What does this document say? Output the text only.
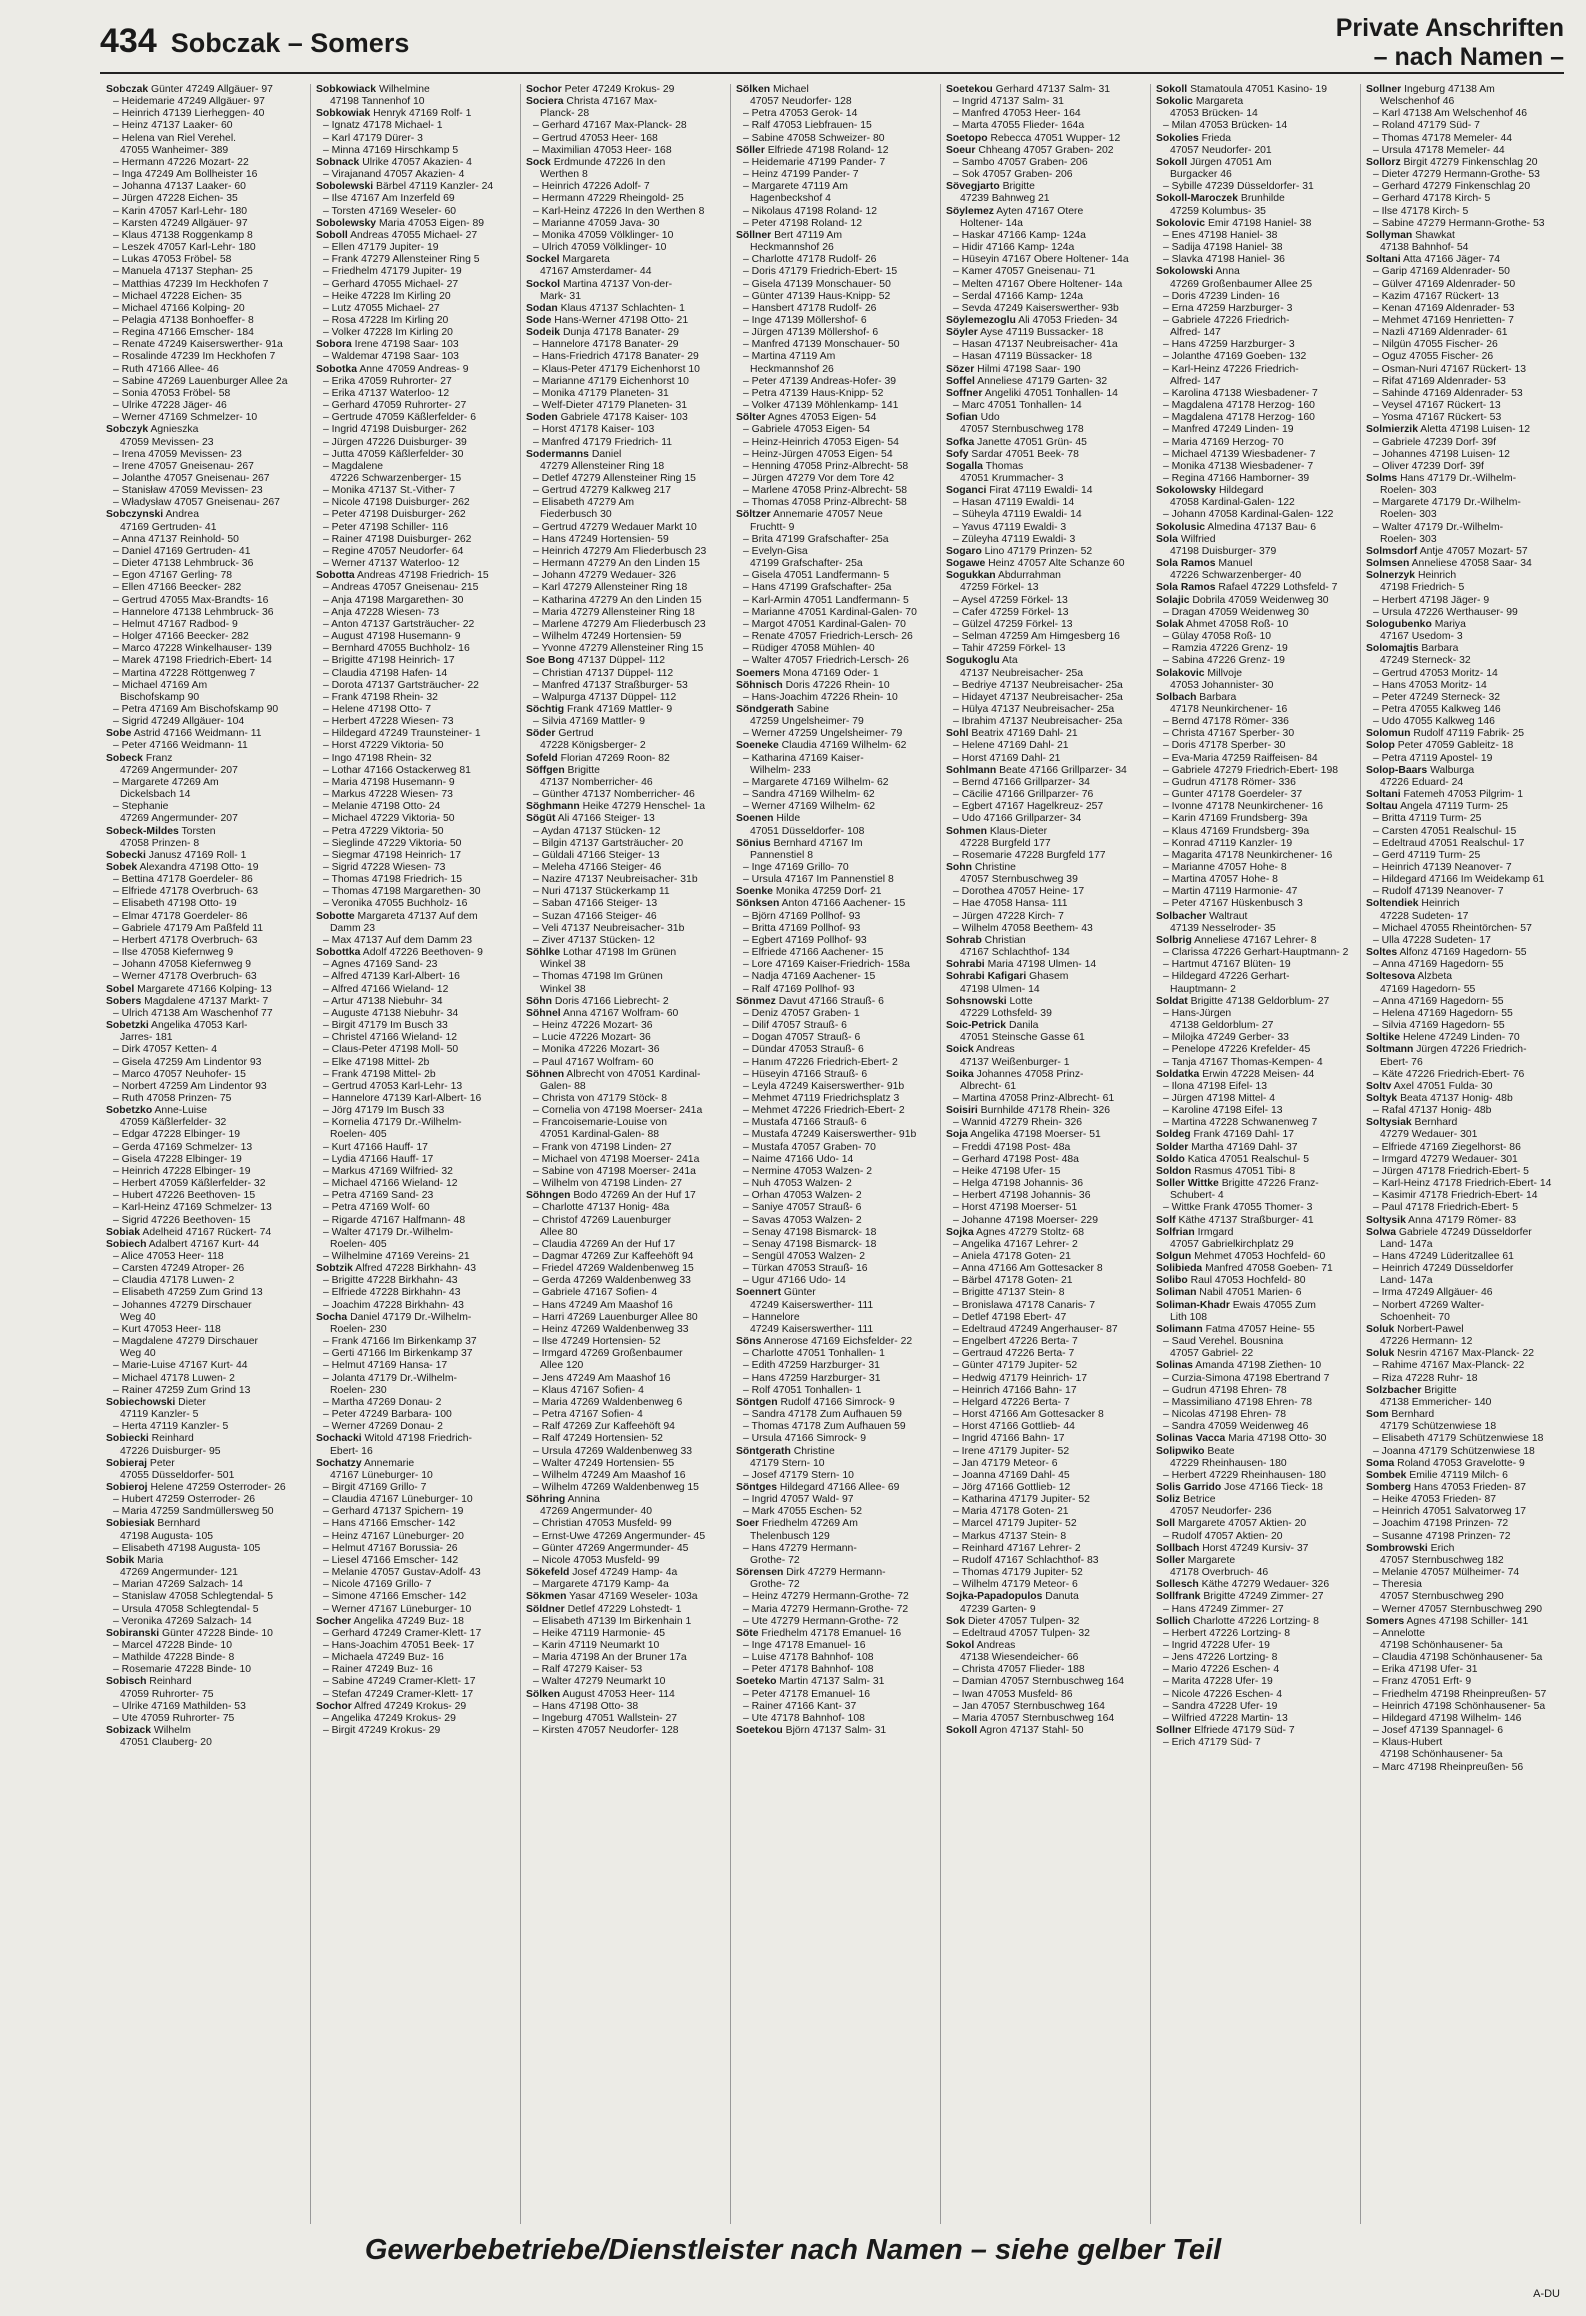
434 Sobczak – Somers	Private Anschriften
– nach Namen –
Sobczak Günter 47249 Allgäuer- 97
– Heidemarie 47249 Allgäuer- 97
– Heinrich 47139 Lierheggen- 40
– Heinz 47137 Laaker- 60
– Helena van Riel Verehel.
47055 Wanheimer- 389
– Hermann 47226 Mozart- 22
– Inga 47249 Am Bollheister 16
– Johanna 47137 Laaker- 60
– Jürgen 47228 Eichen- 35
– Karin 47057 Karl-Lehr- 180
– Karsten 47249 Allgäuer- 97
– Klaus 47138 Roggenkamp 8
– Leszek 47057 Karl-Lehr- 180
– Lukas 47053 Fröbel- 58
– Manuela 47137 Stephan- 25
– Matthias 47239 Im Heckhofen 7
– Michael 47228 Eichen- 35
– Michael 47166 Kolping- 20
– Pelagia 47138 Bonhoeffer- 8
– Regina 47166 Emscher- 184
– Renate 47249 Kaiserswerther- 91a
– Rosalinde 47239 Im Heckhofen 7
– Ruth 47166 Allee- 46
– Sabine 47269 Lauenburger Allee 2a
– Sonia 47053 Fröbel- 58
– Ulrike 47228 Jäger- 46
– Werner 47169 Schmelzer- 10
Sobczyk Agnieszka
47059 Mevissen- 23
– Irena 47059 Mevissen- 23
– Irene 47057 Gneisenau- 267
– Jolanthe 47057 Gneisenau- 267
– Stanisław 47059 Mevissen- 23
– Władysław 47057 Gneisenau- 267
Sobczynski Andrea
47169 Gertruden- 41
– Anna 47137 Reinhold- 50
– Daniel 47169 Gertruden- 41
– Dieter 47138 Lehmbruck- 36
– Egon 47167 Gerling- 78
– Ellen 47166 Beecker- 282
– Gertrud 47055 Max-Brandts- 16
– Hannelore 47138 Lehmbruck- 36
– Helmut 47167 Radbod- 9
– Holger 47166 Beecker- 282
– Marco 47228 Winkelhauser- 139
– Marek 47198 Friedrich-Ebert- 14
– Martina 47228 Röttgenweg 7
– Michael 47169 Am
Bischofskamp 90
– Petra 47169 Am Bischofskamp 90
– Sigrid 47249 Allgäuer- 104
Sobe Astrid 47166 Weidmann- 11
– Peter 47166 Weidmann- 11
Sobeck Franz
47269 Angermunder- 207
– Margarete 47269 Am
Dickelsbach 14
– Stephanie
47269 Angermunder- 207
Sobeck-Mildes Torsten
47058 Prinzen- 8
Sobecki Janusz 47169 Roll- 1
Sobek Alexandra 47198 Otto- 19
– Bettina 47178 Goerdeler- 86
– Elfriede 47178 Overbruch- 63
– Elisabeth 47198 Otto- 19
– Elmar 47178 Goerdeler- 86
– Gabriele 47179 Am Paßfeld 11
– Herbert 47178 Overbruch- 63
– Ilse 47058 Kiefernweg 9
– Johann 47058 Kiefernweg 9
– Werner 47178 Overbruch- 63
Sobel Margarete 47166 Kolping- 13
Sobers Magdalene 47137 Markt- 7
– Ulrich 47138 Am Waschenhof 77
Sobetzki Angelika 47053 Karl-
Jarres- 181
– Dirk 47057 Ketten- 4
– Gisela 47259 Am Lindentor 93
– Marco 47057 Neuhofer- 15
– Norbert 47259 Am Lindentor 93
– Ruth 47058 Prinzen- 75
Sobetzko Anne-Luise
47059 Käßlerfelder- 32
– Edgar 47228 Elbinger- 19
– Gerda 47169 Schmelzer- 13
– Gisela 47228 Elbinger- 19
– Heinrich 47228 Elbinger- 19
– Herbert 47059 Käßlerfelder- 32
– Hubert 47226 Beethoven- 15
– Karl-Heinz 47169 Schmelzer- 13
– Sigrid 47226 Beethoven- 15
Sobiak Adelheid 47167 Rückert- 74
Sobiech Adalbert 47167 Kurt- 44
– Alice 47053 Heer- 118
– Carsten 47249 Atroper- 26
– Claudia 47178 Luwen- 2
– Elisabeth 47259 Zum Grind 13
– Johannes 47279 Dirschauer
Weg 40
– Kurt 47053 Heer- 118
– Magdalene 47279 Dirschauer
Weg 40
– Marie-Luise 47167 Kurt- 44
– Michael 47178 Luwen- 2
– Rainer 47259 Zum Grind 13
Sobiechowski Dieter
47119 Kanzler- 5
– Herta 47119 Kanzler- 5
Sobiecki Reinhard
47226 Duisburger- 95
Sobieraj Peter
47055 Düsseldorfer- 501
Sobieroj Helene 47259 Osterroder- 26
– Hubert 47259 Osterroder- 26
– Maria 47259 Sandmüllersweg 50
Sobiesiak Bernhard
47198 Augusta- 105
– Elisabeth 47198 Augusta- 105
Sobik Maria
47269 Angermunder- 121
– Marian 47269 Salzach- 14
– Stanislaw 47058 Schlegtendal- 5
– Ursula 47058 Schlegtendal- 5
– Veronika 47269 Salzach- 14
Sobiranski Günter 47228 Binde- 10
– Marcel 47228 Binde- 10
– Mathilde 47228 Binde- 8
– Rosemarie 47228 Binde- 10
Sobisch Reinhard
47059 Ruhrorter- 75
– Ulrike 47169 Mathilden- 53
– Ute 47059 Ruhrorter- 75
Sobizack Wilhelm
47051 Clauberg- 20
Sobkowiack Wilhelmine
47198 Tannenhof 10
Sobkowiak Henryk 47169 Rolf- 1
– Ignatz 47178 Michael- 1
– Karl 47179 Dürer- 3
– Minna 47169 Hirschkamp 5
Sobnack Ulrike 47057 Akazien- 4
– Virajanand 47057 Akazien- 4
Sobolewski Bärbel 47119 Kanzler- 24
– Ilse 47167 Am Inzerfeld 69
– Torsten 47169 Weseler- 60
Sobolewsky Maria 47053 Eigen- 89
Soboll Andreas 47055 Michael- 27
– Ellen 47179 Jupiter- 19
– Frank 47279 Allensteiner Ring 5
– Friedhelm 47179 Jupiter- 19
– Gerhard 47055 Michael- 27
– Heike 47228 Im Kirling 20
– Lutz 47055 Michael- 27
– Rosa 47228 Im Kirling 20
– Volker 47228 Im Kirling 20
Sobora Irene 47198 Saar- 103
– Waldemar 47198 Saar- 103
Sobotka Anne 47059 Andreas- 9
– Erika 47059 Ruhrorter- 27
– Erika 47137 Waterloo- 12
– Gerhard 47059 Ruhrorter- 27
– Gertrude 47059 Käßlerfelder- 6
– Ingrid 47198 Duisburger- 262
– Jürgen 47226 Duisburger- 39
– Jutta 47059 Käßlerfelder- 30
– Magdalene
47226 Schwarzenberger- 15
– Monika 47137 St.-Vither- 7
– Nicole 47198 Duisburger- 262
– Peter 47198 Duisburger- 262
– Peter 47198 Schiller- 116
– Rainer 47198 Duisburger- 262
– Regine 47057 Neudorfer- 64
– Werner 47137 Waterloo- 12
Sobotta Andreas 47198 Friedrich- 15
– Andreas 47057 Gneisenau- 215
– Anja 47198 Margarethen- 30
– Anja 47228 Wiesen- 73
– Anton 47137 Gartsträucher- 22
– August 47198 Husemann- 9
– Bernhard 47055 Buchholz- 16
– Brigitte 47198 Heinrich- 17
– Claudia 47198 Hafen- 14
– Dorota 47137 Gartsträucher- 22
– Frank 47198 Rhein- 32
– Helene 47198 Otto- 7
– Herbert 47228 Wiesen- 73
– Hildegard 47249 Traunsteiner- 1
– Horst 47229 Viktoria- 50
– Ingo 47198 Rhein- 32
– Lothar 47166 Ostackerweg 81
– Maria 47198 Husemann- 9
– Markus 47228 Wiesen- 73
– Melanie 47198 Otto- 24
– Michael 47229 Viktoria- 50
– Petra 47229 Viktoria- 50
– Sieglinde 47229 Viktoria- 50
– Siegmar 47198 Heinrich- 17
– Sigrid 47228 Wiesen- 73
– Thomas 47198 Friedrich- 15
– Thomas 47198 Margarethen- 30
– Veronika 47055 Buchholz- 16
Sobotte Margareta 47137 Auf dem
Damm 23
– Max 47137 Auf dem Damm 23
Sobottka Adolf 47226 Beethoven- 9
– Agnes 47169 Sand- 23
– Alfred 47139 Karl-Albert- 16
– Alfred 47166 Wieland- 12
– Artur 47138 Niebuhr- 34
– Auguste 47138 Niebuhr- 34
– Birgit 47179 Im Busch 33
– Christel 47166 Wieland- 12
– Claus-Peter 47198 Moll- 50
– Elke 47198 Mittel- 2b
– Frank 47198 Mittel- 2b
– Gertrud 47053 Karl-Lehr- 13
– Hannelore 47139 Karl-Albert- 16
– Jörg 47179 Im Busch 33
– Kornelia 47179 Dr.-Wilhelm-
Roelen- 405
– Kurt 47166 Hauff- 17
– Lydia 47166 Hauff- 17
– Markus 47169 Wilfried- 32
– Michael 47166 Wieland- 12
– Petra 47169 Sand- 23
– Petra 47169 Wolf- 60
– Rigarde 47167 Halfmann- 48
– Walter 47179 Dr.-Wilhelm-
Roelen- 405
– Wilhelmine 47169 Vereins- 21
Sobtzik Alfred 47228 Birkhahn- 43
– Brigitte 47228 Birkhahn- 43
– Elfriede 47228 Birkhahn- 43
– Joachim 47228 Birkhahn- 43
Socha Daniel 47179 Dr.-Wilhelm-
Roelen- 230
– Frank 47166 Im Birkenkamp 37
– Gerti 47166 Im Birkenkamp 37
– Helmut 47169 Hansa- 17
– Jolanta 47179 Dr.-Wilhelm-
Roelen- 230
– Martha 47269 Donau- 2
– Peter 47249 Barbara- 100
– Werner 47269 Donau- 2
Sochacki Witold 47198 Friedrich-
Ebert- 16
Sochatzy Annemarie
47167 Lüneburger- 10
– Birgit 47169 Grillo- 7
– Claudia 47167 Lüneburger- 10
– Gerhard 47137 Spichern- 19
– Hans 47166 Emscher- 142
– Heinz 47167 Lüneburger- 20
– Helmut 47167 Borussia- 26
– Liesel 47166 Emscher- 142
– Melanie 47057 Gustav-Adolf- 43
– Nicole 47169 Grillo- 7
– Simone 47166 Emscher- 142
– Werner 47167 Lüneburger- 10
Socher Angelika 47249 Buz- 18
– Gerhard 47249 Cramer-Klett- 17
– Hans-Joachim 47051 Beek- 17
– Michaela 47249 Buz- 16
– Rainer 47249 Buz- 16
– Sabine 47249 Cramer-Klett- 17
– Stefan 47249 Cramer-Klett- 17
Sochor Alfred 47249 Krokus- 29
– Angelika 47249 Krokus- 29
– Birgit 47249 Krokus- 29
Sochor Peter 47249 Krokus- 29
Sociera Christa 47167 Max-
Planck- 28
– Gerhard 47167 Max-Planck- 28
– Gertrud 47053 Heer- 168
– Maximilian 47053 Heer- 168
Sock Erdmunde 47226 In den
Werthen 8
– Heinrich 47226 Adolf- 7
– Hermann 47229 Rheingold- 25
– Karl-Heinz 47226 In den Werthen 8
– Marianne 47059 Java- 30
– Monika 47059 Völklinger- 10
– Ulrich 47059 Völklinger- 10
Sockel Margareta
47167 Amsterdamer- 44
Sockol Martina 47137 Von-der-
Mark- 31
Sodan Klaus 47137 Schlachten- 1
Sode Hans-Werner 47198 Otto- 21
Sodeik Dunja 47178 Banater- 29
– Hannelore 47178 Banater- 29
– Hans-Friedrich 47178 Banater- 29
– Klaus-Peter 47179 Eichenhorst 10
– Marianne 47179 Eichenhorst 10
– Monika 47179 Planeten- 31
– Welf-Dieter 47179 Planeten- 31
Soden Gabriele 47178 Kaiser- 103
– Horst 47178 Kaiser- 103
– Manfred 47179 Friedrich- 11
Sodermanns Daniel
47279 Allensteiner Ring 18
– Detlef 47279 Allensteiner Ring 15
– Gertrud 47279 Kalkweg 217
– Elisabeth 47279 Am
Fiederbusch 30
– Gertrud 47279 Wedauer Markt 10
– Hans 47249 Hortensien- 59
– Heinrich 47279 Am Fliederbusch 23
– Hermann 47279 An den Linden 15
– Johann 47279 Wedauer- 326
– Karl 47279 Allensteiner Ring 18
– Katharina 47279 An den Linden 15
– Maria 47279 Allensteiner Ring 18
– Marlene 47279 Am Fliederbusch 23
– Wilhelm 47249 Hortensien- 59
– Yvonne 47279 Allensteiner Ring 15
Soe Bong 47137 Düppel- 112
– Christian 47137 Düppel- 112
– Manfred 47137 Straßburger- 53
– Walpurga 47137 Düppel- 112
Söchtig Frank 47169 Mattler- 9
– Silvia 47169 Mattler- 9
Söder Gertrud
47228 Königsberger- 2
Sofeld Florian 47269 Roon- 82
Söffgen Brigitte
47137 Nomberricher- 46
– Günther 47137 Nomberricher- 46
Söghmann Heike 47279 Henschel- 1a
Sögüt Ali 47166 Steiger- 13
– Aydan 47137 Stücken- 12
– Bilgin 47137 Gartsträucher- 20
– Güldali 47166 Steiger- 13
– Meleha 47166 Steiger- 46
– Nazire 47137 Neubreisacher- 31b
– Nuri 47137 Stückerkamp 11
– Saban 47166 Steiger- 13
– Suzan 47166 Steiger- 46
– Veli 47137 Neubreisacher- 31b
– Ziver 47137 Stücken- 12
Söhlke Lothar 47198 Im Grünen
Winkel 38
– Thomas 47198 Im Grünen
Winkel 38
Söhn Doris 47166 Liebrecht- 2
Söhnel Anna 47167 Wolfram- 60
– Heinz 47226 Mozart- 36
– Lucie 47226 Mozart- 36
– Monika 47226 Mozart- 36
– Paul 47167 Wolfram- 60
Söhnen Albrecht von 47051 Kardinal-
Galen- 88
– Christa von 47179 Stöck- 8
– Cornelia von 47198 Moerser- 241a
– Francoisemarie-Louise von
47051 Kardinal-Galen- 88
– Frank von 47198 Linden- 27
– Michael von 47198 Moerser- 241a
– Sabine von 47198 Moerser- 241a
– Wilhelm von 47198 Linden- 27
Söhngen Bodo 47269 An der Huf 17
– Charlotte 47137 Honig- 48a
– Christof 47269 Lauenburger
Allee 80
– Claudia 47269 An der Huf 17
– Dagmar 47269 Zur Kaffeehöft 94
– Friedel 47269 Waldenbenweg 15
– Gerda 47269 Waldenbenweg 33
– Gabriele 47167 Sofien- 4
– Hans 47249 Am Maashof 16
– Harri 47269 Lauenburger Allee 80
– Heinz 47269 Waldenbenweg 33
– Ilse 47249 Hortensien- 52
– Irmgard 47269 Großenbaumer
Allee 120
– Jens 47249 Am Maashof 16
– Klaus 47167 Sofien- 4
– Maria 47269 Waldenbenweg 6
– Petra 47167 Sofien- 4
– Ralf 47269 Zur Kaffeehöft 94
– Ralf 47249 Hortensien- 52
– Ursula 47269 Waldenbenweg 33
– Walter 47249 Hortensien- 55
– Wilhelm 47249 Am Maashof 16
– Wilhelm 47269 Waldenbenweg 15
Söhring Annina
47269 Angermunder- 40
– Christian 47053 Musfeld- 99
– Ernst-Uwe 47269 Angermunder- 45
– Günter 47269 Angermunder- 45
– Nicole 47053 Musfeld- 99
Sökefeld Josef 47249 Hamp- 4a
– Margarete 47179 Kamp- 4a
Sökmen Yasar 47169 Weseler- 103a
Söldner Detlef 47229 Lohstedt- 1
– Elisabeth 47139 Im Birkenhain 1
– Heike 47119 Harmonie- 45
– Karin 47119 Neumarkt 10
– Maria 47198 An der Bruner 17a
– Ralf 47279 Kaiser- 53
– Walter 47279 Neumarkt 10
Sölken August 47053 Heer- 114
– Hans 47198 Otto- 38
– Ingeburg 47051 Wallstein- 27
– Kirsten 47057 Neudorfer- 128
Sölken Michael
47057 Neudorfer- 128
– Petra 47053 Gerok- 14
– Ralf 47053 Liebfrauen- 15
– Sabine 47058 Schweizer- 80
Söller Elfriede 47198 Roland- 12
– Heidemarie 47199 Pander- 7
– Heinz 47199 Pander- 7
– Margarete 47119 Am
Hagenbeckshof 4
– Nikolaus 47198 Roland- 12
– Peter 47198 Roland- 12
Söllner Bert 47119 Am
Heckmannshof 26
– Charlotte 47178 Rudolf- 26
– Doris 47179 Friedrich-Ebert- 15
– Gisela 47139 Monschauer- 50
– Günter 47139 Haus-Knipp- 52
– Hansbert 47178 Rudolf- 26
– Inge 47139 Möllershof- 6
– Jürgen 47139 Möllershof- 6
– Manfred 47139 Monschauer- 50
– Martina 47119 Am
Heckmannshof 26
– Peter 47139 Andreas-Hofer- 39
– Petra 47139 Haus-Knipp- 52
– Volker 47139 Möhlenkamp- 141
Sölter Agnes 47053 Eigen- 54
– Gabriele 47053 Eigen- 54
– Heinz-Heinrich 47053 Eigen- 54
– Heinz-Jürgen 47053 Eigen- 54
– Henning 47058 Prinz-Albrecht- 58
– Jürgen 47279 Vor dem Tore 42
– Marlene 47058 Prinz-Albrecht- 58
– Thomas 47058 Prinz-Albrecht- 58
Söltzer Annemarie 47057 Neue
Fruchtt- 9
– Brita 47199 Grafschafter- 25a
– Evelyn-Gisa
47199 Grafschafter- 25a
– Gisela 47051 Landfermann- 5
– Hans 47199 Grafschafter- 25a
– Karl-Armin 47051 Landfermann- 5
– Marianne 47051 Kardinal-Galen- 70
– Margot 47051 Kardinal-Galen- 70
– Renate 47057 Friedrich-Lersch- 26
– Rüdiger 47058 Mühlen- 40
– Walter 47057 Friedrich-Lersch- 26
Soemers Mona 47169 Oder- 1
Söhnisch Doris 47226 Rhein- 10
– Hans-Joachim 47226 Rhein- 10
Söndgerath Sabine
47259 Ungelsheimer- 79
– Werner 47259 Ungelsheimer- 79
Soeneke Claudia 47169 Wilhelm- 62
– Katharina 47169 Kaiser-
Wilhelm- 233
– Margarete 47169 Wilhelm- 62
– Sandra 47169 Wilhelm- 62
– Werner 47169 Wilhelm- 62
Soenen Hilde
47051 Düsseldorfer- 108
Sönius Bernhard 47167 Im
Pannenstiel 8
– Inge 47169 Grillo- 70
– Ursula 47167 Im Pannenstiel 8
Soenke Monika 47259 Dorf- 21
Sönksen Anton 47166 Aachener- 15
– Björn 47169 Pollhof- 93
– Britta 47169 Pollhof- 93
– Egbert 47169 Pollhof- 93
– Elfriede 47166 Aachener- 15
– Lore 47169 Kaiser-Friedrich- 158a
– Nadja 47169 Aachener- 15
– Ralf 47169 Pollhof- 93
Sönmez Davut 47166 Strauß- 6
– Deniz 47057 Graben- 1
– Dilif 47057 Strauß- 6
– Dogan 47057 Strauß- 6
– Dündar 47053 Strauß- 6
– Hanım 47226 Friedrich-Ebert- 2
– Hüseyin 47166 Strauß- 6
– Leyla 47249 Kaiserswerther- 91b
– Mehmet 47119 Friedrichsplatz 3
– Mehmet 47226 Friedrich-Ebert- 2
– Mustafa 47166 Strauß- 6
– Mustafa 47249 Kaiserswerther- 91b
– Mustafa 47057 Graben- 70
– Naime 47166 Udo- 14
– Nermine 47053 Walzen- 2
– Nuh 47053 Walzen- 2
– Orhan 47053 Walzen- 2
– Saniye 47057 Strauß- 6
– Savas 47053 Walzen- 2
– Senay 47198 Bismarck- 18
– Senay 47198 Bismarck- 18
– Sengül 47053 Walzen- 2
– Türkan 47053 Strauß- 16
– Ugur 47166 Udo- 14
Soennert Günter
47249 Kaiserswerther- 111
– Hannelore
47249 Kaiserswerther- 111
Söns Annerose 47169 Eichsfelder- 22
– Charlotte 47051 Tonhallen- 1
– Edith 47259 Harzburger- 31
– Hans 47259 Harzburger- 31
– Rolf 47051 Tonhallen- 1
Söntgen Rudolf 47166 Simrock- 9
– Sandra 47178 Zum Aufhauen 59
– Thomas 47178 Zum Aufhauen 59
– Ursula 47166 Simrock- 9
Söntgerath Christine
47179 Stern- 10
– Josef 47179 Stern- 10
Söntges Hildegard 47166 Allee- 69
– Ingrid 47057 Wald- 97
– Mark 47055 Eschen- 52
Soer Friedhelm 47269 Am
Thelenbusch 129
– Hans 47279 Hermann-
Grothe- 72
Sörensen Dirk 47279 Hermann-
Grothe- 72
– Heinz 47279 Hermann-Grothe- 72
– Maria 47279 Hermann-Grothe- 72
– Ute 47279 Hermann-Grothe- 72
Söte Friedhelm 47178 Emanuel- 16
– Inge 47178 Emanuel- 16
– Luise 47178 Bahnhof- 108
– Peter 47178 Bahnhof- 108
Soeteko Martin 47137 Salm- 31
– Peter 47178 Emanuel- 16
– Rainer 47166 Kant- 37
– Ute 47178 Bahnhof- 108
Soetekou Björn 47137 Salm- 31
Soetekou Gerhard 47137 Salm- 31
– Ingrid 47137 Salm- 31
– Manfred 47053 Heer- 164
– Marta 47055 Flieder- 164a
Soetopo Rebecca 47051 Wupper- 12
Soeur Chheang 47057 Graben- 202
– Sambo 47057 Graben- 206
– Sok 47057 Graben- 206
Sövegjarto Brigitte
47239 Bahnweg 21
Söylemez Ayten 47167 Otere
Holtener- 14a
– Haskar 47166 Kamp- 124a
– Hidir 47166 Kamp- 124a
– Hüseyin 47167 Obere Holtener- 14a
– Kamer 47057 Gneisenau- 71
– Melten 47167 Obere Holtener- 14a
– Serdal 47166 Kamp- 124a
– Sevda 47249 Kaiserswerther- 93b
Söylemezoglu Ali 47053 Frieden- 34
Söyler Ayse 47119 Bussacker- 18
– Hasan 47137 Neubreisacher- 41a
– Hasan 47119 Büssacker- 18
Sözer Hilmi 47198 Saar- 190
Soffel Anneliese 47179 Garten- 32
Soffner Angeliki 47051 Tonhallen- 14
– Marc 47051 Tonhallen- 14
Sofian Udo
47057 Sternbuschweg 178
Sofka Janette 47051 Grün- 45
Sofy Sardar 47051 Beek- 78
Sogalla Thomas
47051 Krummacher- 3
Soganci Firat 47119 Ewaldi- 14
– Hasan 47119 Ewaldi- 14
– Süheyla 47119 Ewaldi- 14
– Yavus 47119 Ewaldi- 3
– Züleyha 47119 Ewaldi- 3
Sogaro Lino 47179 Prinzen- 52
Sogawe Heinz 47057 Alte Schanze 60
Sogukkan Abdurrahman
47259 Förkel- 13
– Aysel 47259 Förkel- 13
– Cafer 47259 Förkel- 13
– Gülzel 47259 Förkel- 13
– Selman 47259 Am Himgesberg 16
– Tahir 47259 Förkel- 13
Sogukoglu Ata
47137 Neubreisacher- 25a
– Bedriye 47137 Neubreisacher- 25a
– Hidayet 47137 Neubreisacher- 25a
– Hülya 47137 Neubreisacher- 25a
– Ibrahim 47137 Neubreisacher- 25a
Sohl Beatrix 47169 Dahl- 21
– Helene 47169 Dahl- 21
– Horst 47169 Dahl- 21
Sohlmann Beate 47166 Grillparzer- 34
– Bernd 47166 Grillparzer- 34
– Cäcilie 47166 Grillparzer- 76
– Egbert 47167 Hagelkreuz- 257
– Udo 47166 Grillparzer- 34
Sohmen Klaus-Dieter
47228 Burgfeld 177
– Rosemarie 47228 Burgfeld 177
Sohn Christine
47057 Sternbuschweg 39
– Dorothea 47057 Heine- 17
– Hae 47058 Hansa- 111
– Jürgen 47228 Kirch- 7
– Wilhelm 47058 Beethem- 43
Sohrab Christian
47167 Schlachthof- 134
Sohrabi Maria 47198 Ulmen- 14
Sohrabi Kafigari Ghasem
47198 Ulmen- 14
Sohsnowski Lotte
47229 Lothsfeld- 39
Soic-Petrick Danila
47051 Steinsche Gasse 61
Soick Andreas
47137 Weißenburger- 1
Soika Johannes 47058 Prinz-
Albrecht- 61
– Martina 47058 Prinz-Albrecht- 61
Soisiri Burnhilde 47178 Rhein- 326
– Wannid 47279 Rhein- 326
Soja Angelika 47198 Moerser- 51
– Freddi 47198 Post- 48a
– Gerhard 47198 Post- 48a
– Heike 47198 Ufer- 15
– Helga 47198 Johannis- 36
– Herbert 47198 Johannis- 36
– Horst 47198 Moerser- 51
– Johanne 47198 Moerser- 229
Sojka Agnes 47279 Stoltz- 68
– Angelika 47167 Lehrer- 2
– Aniela 47178 Goten- 21
– Anna 47166 Am Gottesacker 8
– Bärbel 47178 Goten- 21
– Brigitte 47137 Stein- 8
– Bronislawa 47178 Canaris- 7
– Detlef 47198 Ebert- 47
– Edeltraud 47249 Angerhauser- 87
– Engelbert 47226 Berta- 7
– Gertraud 47226 Berta- 7
– Günter 47179 Jupiter- 52
– Hedwig 47179 Heinrich- 17
– Heinrich 47166 Bahn- 17
– Helgard 47226 Berta- 7
– Horst 47166 Am Gottesacker 8
– Horst 47166 Gottlieb- 44
– Ingrid 47166 Bahn- 17
– Irene 47179 Jupiter- 52
– Jan 47179 Meteor- 6
– Joanna 47169 Dahl- 45
– Jörg 47166 Gottlieb- 12
– Katharina 47179 Jupiter- 52
– Maria 47178 Goten- 21
– Marcel 47179 Jupiter- 52
– Markus 47137 Stein- 8
– Reinhard 47167 Lehrer- 2
– Rudolf 47167 Schlachthof- 83
– Thomas 47179 Jupiter- 52
– Wilhelm 47179 Meteor- 6
Sojka-Papadopulos Danuta
47239 Garten- 9
Sok Dieter 47057 Tulpen- 32
– Edeltraud 47057 Tulpen- 32
Sokol Andreas
47138 Wiesendeicher- 66
– Christa 47057 Flieder- 188
– Damian 47057 Sternbuschweg 164
– Iwan 47053 Musfeld- 86
– Jan 47057 Sternbuschweg 164
– Maria 47057 Sternbuschweg 164
Sokoll Agron 47137 Stahl- 50
Sokoll Stamatoula 47051 Kasino- 19
Sokolic Margareta
47053 Brücken- 14
– Milan 47053 Brücken- 14
Sokolies Frieda
47057 Neudorfer- 201
Sokoll Jürgen 47051 Am
Burgacker 46
– Sybille 47239 Düsseldorfer- 31
Sokoll-Maroczek Brunhilde
47259 Kolumbus- 35
Sokolovic Emir 47198 Haniel- 38
– Enes 47198 Haniel- 38
– Sadija 47198 Haniel- 38
– Slavka 47198 Haniel- 36
Sokolowski Anna
47269 Großenbaumer Allee 25
– Doris 47239 Linden- 16
– Erna 47259 Harzburger- 3
– Gabriele 47226 Friedrich-
Alfred- 147
– Hans 47259 Harzburger- 3
– Jolanthe 47169 Goeben- 132
– Karl-Heinz 47226 Friedrich-
Alfred- 147
– Karolina 47138 Wiesbadener- 7
– Magdalena 47178 Herzog- 160
– Magdalena 47178 Herzog- 160
– Manfred 47249 Linden- 19
– Maria 47169 Herzog- 70
– Michael 47139 Wiesbadener- 7
– Monika 47138 Wiesbadener- 7
– Regina 47166 Hamborner- 39
Sokolowsky Hildegard
47058 Kardinal-Galen- 122
– Johann 47058 Kardinal-Galen- 122
Sokolusic Almedina 47137 Bau- 6
Sola Wilfried
47198 Duisburger- 379
Sola Ramos Manuel
47226 Schwarzenberger- 40
Sola Ramos Rafael 47229 Lothsfeld- 7
Solajic Dobrila 47059 Weidenweg 30
– Dragan 47059 Weidenweg 30
Solak Ahmet 47058 Roß- 10
– Gülay 47058 Roß- 10
– Ramzia 47226 Grenz- 19
– Sabina 47226 Grenz- 19
Solakovic Millvoje
47053 Johannister- 30
Solbach Barbara
47178 Neunkirchener- 16
– Bernd 47178 Römer- 336
– Christa 47167 Sperber- 30
– Doris 47178 Sperber- 30
– Eva-Maria 47259 Raiffeisen- 84
– Gabriele 47279 Friedrich-Ebert- 198
– Gudrun 47178 Römer- 336
– Gunter 47178 Goerdeler- 37
– Ivonne 47178 Neunkirchener- 16
– Karin 47169 Frundsberg- 39a
– Klaus 47169 Frundsberg- 39a
– Konrad 47119 Kanzler- 19
– Magarita 47178 Neunkirchener- 16
– Marianne 47057 Hohe- 8
– Martina 47057 Hohe- 8
– Martin 47119 Harmonie- 47
– Peter 47167 Hüskenbusch 3
Solbacher Waltraut
47139 Nesselroder- 35
Solbrig Anneliese 47167 Lehrer- 8
– Clarissa 47226 Gerhart-Hauptmann- 2
– Hartmut 47167 Blüten- 19
– Hildegard 47226 Gerhart-
Hauptmann- 2
Soldat Brigitte 47138 Geldorblum- 27
– Hans-Jürgen
47138 Geldorblum- 27
– Milojka 47249 Gerber- 33
– Penelope 47226 Krefelder- 45
– Tanja 47167 Thomas-Kempen- 4
Soldatka Erwin 47228 Meisen- 44
– Ilona 47198 Eifel- 13
– Jürgen 47198 Mittel- 4
– Karoline 47198 Eifel- 13
– Martina 47228 Schwanenweg 7
Soldeg Frank 47169 Dahl- 17
Solder Martha 47169 Dahl- 37
Soldo Katica 47051 Realschul- 5
Soldon Rasmus 47051 Tibi- 8
Soller Wittke Brigitte 47226 Franz-
Schubert- 4
– Wittke Frank 47055 Thomer- 3
Solf Käthe 47137 Straßburger- 41
Solfrian Irmgard
47057 Gabrielkirchplatz 29
Solgun Mehmet 47053 Hochfeld- 60
Solibieda Manfred 47058 Goeben- 71
Solibo Raul 47053 Hochfeld- 80
Soliman Nabil 47051 Marien- 6
Soliman-Khadr Ewais 47055 Zum
Lith 108
Solimann Fatma 47057 Heine- 55
– Saud Verehel. Bousnina
47057 Gabriel- 22
Solinas Amanda 47198 Ziethen- 10
– Curzia-Simona 47198 Ebertrand 7
– Gudrun 47198 Ehren- 78
– Massimiliano 47198 Ehren- 78
– Nicolas 47198 Ehren- 78
– Sandra 47059 Weidenweg 46
Solinas Vacca Maria 47198 Otto- 30
Solipwiko Beate
47229 Rheinhausen- 180
– Herbert 47229 Rheinhausen- 180
Solis Garrido Jose 47166 Tieck- 18
Soliz Betrice
47057 Neudorfer- 236
Soll Margarete 47057 Aktien- 20
– Rudolf 47057 Aktien- 20
Sollbach Horst 47249 Kursiv- 37
Soller Margarete
47178 Overbruch- 46
Sollesch Käthe 47279 Wedauer- 326
Sollfrank Brigitte 47249 Zimmer- 27
– Hans 47249 Zimmer- 27
Sollich Charlotte 47226 Lortzing- 8
– Herbert 47226 Lortzing- 8
– Ingrid 47228 Ufer- 19
– Jens 47226 Lortzing- 8
– Mario 47226 Eschen- 4
– Marita 47228 Ufer- 19
– Nicole 47226 Eschen- 4
– Sandra 47228 Ufer- 19
– Wilfried 47228 Martin- 13
Sollner Elfriede 47179 Süd- 7
– Erich 47179 Süd- 7
Sollner Ingeburg 47138 Am
Welschenhof 46
– Karl 47138 Am Welschenhof 46
– Roland 47179 Süd- 7
– Thomas 47178 Memeler- 44
– Ursula 47178 Memeler- 44
Sollorz Birgit 47279 Finkenschlag 20
– Dieter 47279 Hermann-Grothe- 53
– Gerhard 47279 Finkenschlag 20
– Gerhard 47178 Kirch- 5
– Ilse 47178 Kirch- 5
– Sabine 47279 Hermann-Grothe- 53
Sollyman Shawkat
47138 Bahnhof- 54
Soltani Atta 47166 Jäger- 74
– Garip 47169 Aldenrader- 50
– Gülver 47169 Aldenrader- 50
– Kazim 47167 Rückert- 13
– Kenan 47169 Aldenrader- 53
– Mehmet 47169 Henrietten- 7
– Nazli 47169 Aldenrader- 61
– Nilgün 47055 Fischer- 26
– Oguz 47055 Fischer- 26
– Osman-Nuri 47167 Rückert- 13
– Rifat 47169 Aldenrader- 53
– Sahinde 47169 Aldenrader- 53
– Veysel 47167 Rückert- 13
– Yosma 47167 Rückert- 53
Solmierzik Aletta 47198 Luisen- 12
– Gabriele 47239 Dorf- 39f
– Johannes 47198 Luisen- 12
– Oliver 47239 Dorf- 39f
Solms Hans 47179 Dr.-Wilhelm-
Roelen- 303
– Margarete 47179 Dr.-Wilhelm-
Roelen- 303
– Walter 47179 Dr.-Wilhelm-
Roelen- 303
Solmsdorf Antje 47057 Mozart- 57
Solmsen Anneliese 47058 Saar- 34
Solnerzyk Heinrich
47198 Friedrich- 5
– Herbert 47198 Jäger- 9
– Ursula 47226 Werthauser- 99
Sologubenko Mariya
47167 Usedom- 3
Solomajtis Barbara
47249 Sterneck- 32
– Gertrud 47053 Moritz- 14
– Hans 47053 Moritz- 14
– Peter 47249 Sterneck- 32
– Petra 47055 Kalkweg 146
– Udo 47055 Kalkweg 146
Solomun Rudolf 47119 Fabrik- 25
Solop Peter 47059 Gableitz- 18
– Petra 47119 Apostel- 19
Solop-Baars Walburga
47226 Eduard- 24
Soltani Fatemeh 47053 Pilgrim- 1
Soltau Angela 47119 Turm- 25
– Britta 47119 Turm- 25
– Carsten 47051 Realschul- 15
– Edeltraud 47051 Realschul- 17
– Gerd 47119 Turm- 25
– Heinrich 47139 Neanover- 7
– Hildegard 47166 Im Weidekamp 61
– Rudolf 47139 Neanover- 7
Soltendiek Heinrich
47228 Sudeten- 17
– Michael 47055 Rheintörchen- 57
– Ulla 47228 Sudeten- 17
Soltes Alfonz 47169 Hagedorn- 55
– Anna 47169 Hagedorn- 55
Soltesova Alzbeta
47169 Hagedorn- 55
– Anna 47169 Hagedorn- 55
– Helena 47169 Hagedorn- 55
– Silvia 47169 Hagedorn- 55
Soltike Helene 47249 Linden- 70
Soltmann Jürgen 47226 Friedrich-
Ebert- 76
– Käte 47226 Friedrich-Ebert- 76
Soltv Axel 47051 Fulda- 30
Soltyk Beata 47137 Honig- 48b
– Rafal 47137 Honig- 48b
Soltysiak Bernhard
47279 Wedauer- 301
– Elfriede 47169 Ziegelhorst- 86
– Irmgard 47279 Wedauer- 301
– Jürgen 47178 Friedrich-Ebert- 5
– Karl-Heinz 47178 Friedrich-Ebert- 14
– Kasimir 47178 Friedrich-Ebert- 14
– Paul 47178 Friedrich-Ebert- 5
Soltysik Anna 47179 Römer- 83
Solwa Gabriele 47249 Düsseldorfer
Land- 147a
– Hans 47249 Lüderitzallee 61
– Heinrich 47249 Düsseldorfer
Land- 147a
– Irma 47249 Allgäuer- 46
– Norbert 47269 Walter-
Schoenheit- 70
Soluk Norbert-Pawel
47226 Hermann- 12
Soluk Nesrin 47167 Max-Planck- 22
– Rahime 47167 Max-Planck- 22
– Riza 47228 Ruhr- 18
Solzbacher Brigitte
47138 Emmericher- 140
Som Bernhard
47179 Schützenwiese 18
– Elisabeth 47179 Schützenwiese 18
– Joanna 47179 Schützenwiese 18
Soma Roland 47053 Gravelotte- 9
Sombek Emilie 47119 Milch- 6
Somberg Hans 47053 Frieden- 87
– Heike 47053 Frieden- 87
– Heinrich 47051 Salvatorweg 17
– Joachim 47198 Prinzen- 72
– Susanne 47198 Prinzen- 72
Sombrowski Erich
47057 Sternbuschweg 182
– Melanie 47057 Mülheimer- 74
– Theresia
47057 Sternbuschweg 290
– Werner 47057 Sternbuschweg 290
Somers Agnes 47198 Schiller- 141
– Annelotte
47198 Schönhausener- 5a
– Claudia 47198 Schönhausener- 5a
– Erika 47198 Ufer- 31
– Franz 47051 Erft- 9
– Friedhelm 47198 Rheinpreußen- 57
– Heinrich 47198 Schönhausener- 5a
– Hildegard 47198 Wilhelm- 146
– Josef 47139 Spannagel- 6
– Klaus-Hubert
47198 Schönhausener- 5a
– Marc 47198 Rheinpreußen- 56
Gewerbebetriebe/Dienstleister nach Namen – siehe gelber Teil
A-DU
